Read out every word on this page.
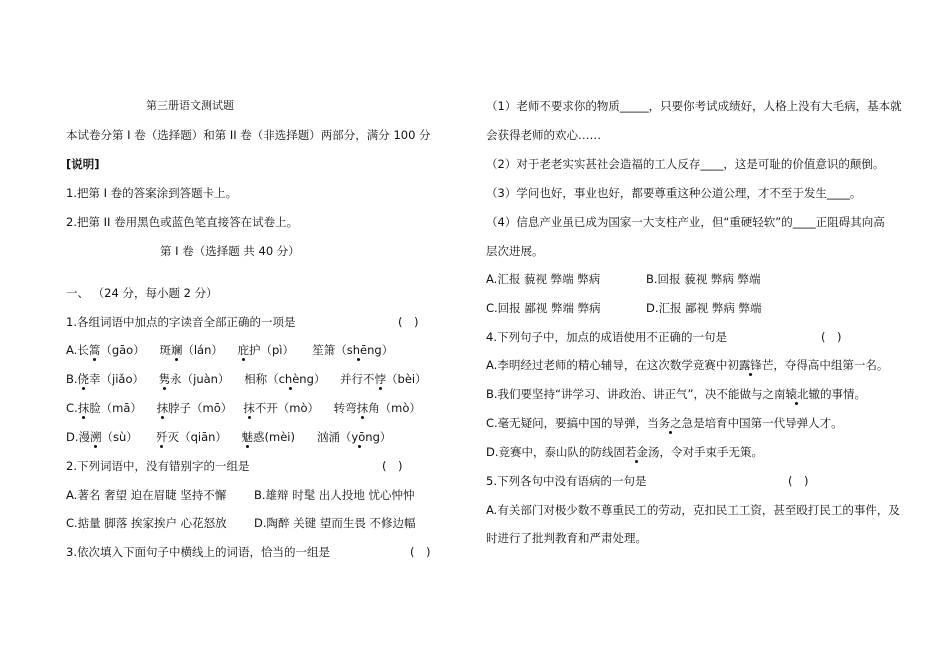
第三册语文测试题
本试卷分第 I 卷（选择题）和第 II 卷（非选择题）两部分，满分 100 分
[说明]
1.把第 I 卷的答案涂到答题卡上。
2.把第 II 卷用黑色或蓝色笔直接答在试卷上。
第 I 卷（选择题 共 40 分）
一、 （24 分，每小题 2 分）
1.各组词语中加点的字读音全部正确的一项是	(　)
A.长篙（gāo） 斑斓（lán） 庇护（pì） 笙箫（shēng）
B.侥幸（jiǎo） 隽永（juàn） 相称（chèng） 并行不悖（bèi）
C.抹脸（mā） 抹脖子（mō） 抹不开（mò） 转弯抹角（mò）
D.漫溯（sù） 歼灭（qiān） 魅惑(mèi) 汹涌（yōng）
2.下列词语中，没有错别字的一组是	(　)
A.著名 奢望 迫在眉睫 坚持不懈 B.雄辩 时髦 出人投地 忧心忡忡
C.掂量 脚落 挨家挨户 心花怒放 D.陶醉 关键 望而生畏 不修边幅
3.依次填入下面句子中横线上的词语，恰当的一组是	(　)
（1）老师不要求你的物质_____，只要你考试成绩好，人格上没有大毛病，基本就
会获得老师的欢心……
（2）对于老老实实甚社会造福的工人反存____，这是可耻的价值意识的颠倒。
（3）学问也好，事业也好，都要尊重这种公道公理，才不至于发生____。
（4）信息产业虽已成为国家一大支柱产业，但“重硬轻软”的____正阻碍其向高
层次进展。
A.汇报 藐视 弊端 弊病	B.回报 藐视 弊病 弊端
C.回报 鄙视 弊端 弊病	D.汇报 鄙视 弊病 弊端
4.下列句子中，加点的成语使用不正确的一句是	(　)
A.李明经过老师的精心辅导，在这次数学竞赛中初露锋芒，夺得高中组第一名。
B.我们要坚持“讲学习、讲政治、讲正气”，决不能做与之南辕北辙的事情。
C.毫无疑问，要搞中国的导弹，当务之急是培育中国第一代导弹人才。
D.竞赛中，泰山队的防线固若金汤，令对手束手无策。
5.下列各句中没有语病的一句是	(　)
A.有关部门对极少数不尊重民工的劳动，克扣民工工资，甚至殴打民工的事件，及
时进行了批判教育和严肃处理。
